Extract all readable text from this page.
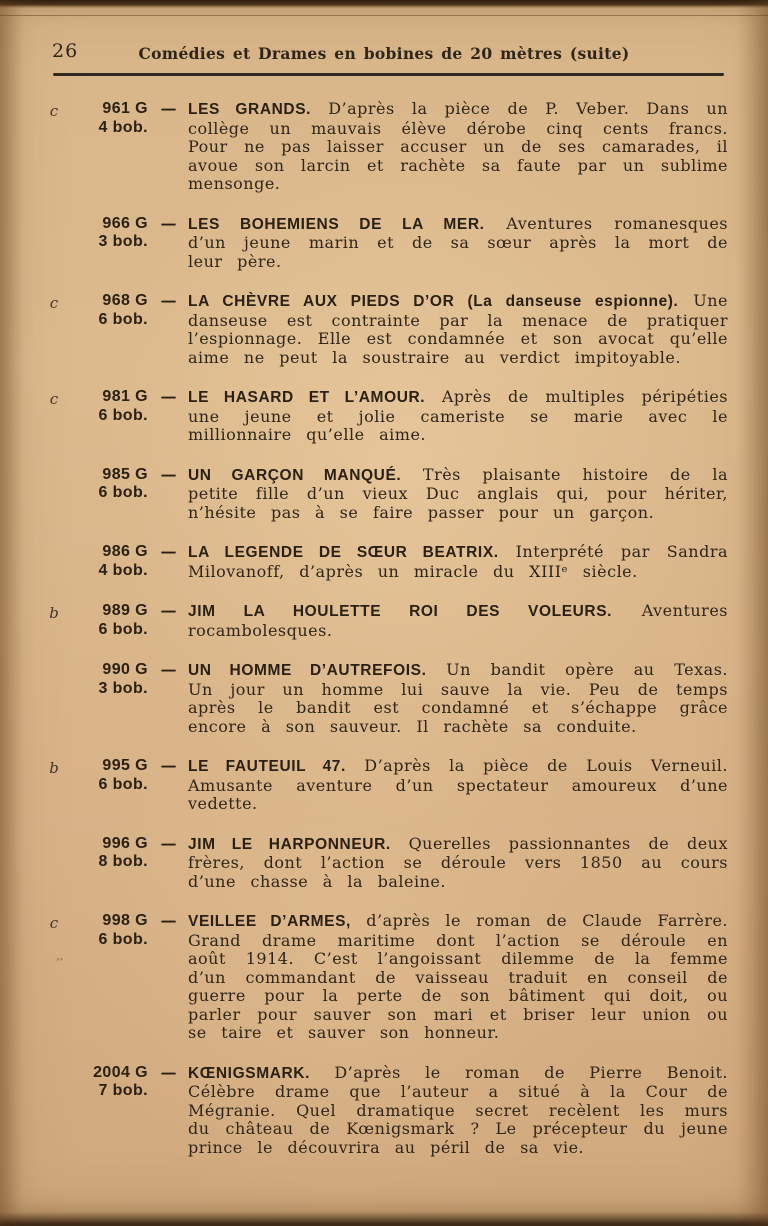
26	Comédies et Drames en bobines de 20 mètres (suite)
c	961 G
4 bob.
— LES GRANDS. D’après la pièce de P. Veber. Dans un collège un mauvais élève dérobe cinq cents francs. Pour ne pas laisser accuser un de ses camarades, il avoue son larcin et rachète sa faute par un sublime mensonge.

966 G
3 bob.
— LES BOHEMIENS DE LA MER. Aventures romanesques d’un jeune marin et de sa sœur après la mort de leur père.

c	968 G
6 bob.
— LA CHÈVRE AUX PIEDS D’OR (La danseuse espionne). Une danseuse est contrainte par la menace de pratiquer l’espionnage. Elle est condamnée et son avocat qu’elle aime ne peut la soustraire au verdict impitoyable.

c	981 G
6 bob.
— LE HASARD ET L’AMOUR. Après de multiples péripéties une jeune et jolie cameriste se marie avec le millionnaire qu’elle aime.

985 G
6 bob.
— UN GARÇON MANQUÉ. Très plaisante histoire de la petite fille d’un vieux Duc anglais qui, pour hériter, n’hésite pas à se faire passer pour un garçon.

986 G
4 bob.
— LA LEGENDE DE SŒUR BEATRIX. Interprété par Sandra Milovanoff, d’après un miracle du XIIIᵉ siècle.

b	989 G
6 bob.
— JIM LA HOULETTE ROI DES VOLEURS. Aventures rocambolesques.

990 G
3 bob.
— UN HOMME D’AUTREFOIS. Un bandit opère au Texas. Un jour un homme lui sauve la vie. Peu de temps après le bandit est condamné et s’échappe grâce encore à son sauveur. Il rachète sa conduite.

b	995 G
6 bob.
— LE FAUTEUIL 47. D’après la pièce de Louis Verneuil. Amusante aventure d’un spectateur amoureux d’une vedette.

996 G
8 bob.
— JIM LE HARPONNEUR. Querelles passionnantes de deux frères, dont l’action se déroule vers 1850 au cours d’une chasse à la baleine.

c	998 G
6 bob.
— VEILLEE D’ARMES, d’après le roman de Claude Farrère. Grand drame maritime dont l’action se déroule en août 1914. C’est l’angoissant dilemme de la femme d’un commandant de vaisseau traduit en conseil de guerre pour la perte de son bâtiment qui doit, ou parler pour sauver son mari et briser leur union ou se taire et sauver son honneur.

2004 G
7 bob.
— KŒNIGSMARK. D’après le roman de Pierre Benoit. Célèbre drame que l’auteur a situé à la Cour de Mégranie. Quel dramatique secret recèlent les murs du château de Kœnigsmark ? Le précepteur du jeune prince le découvrira au péril de sa vie.

’’
